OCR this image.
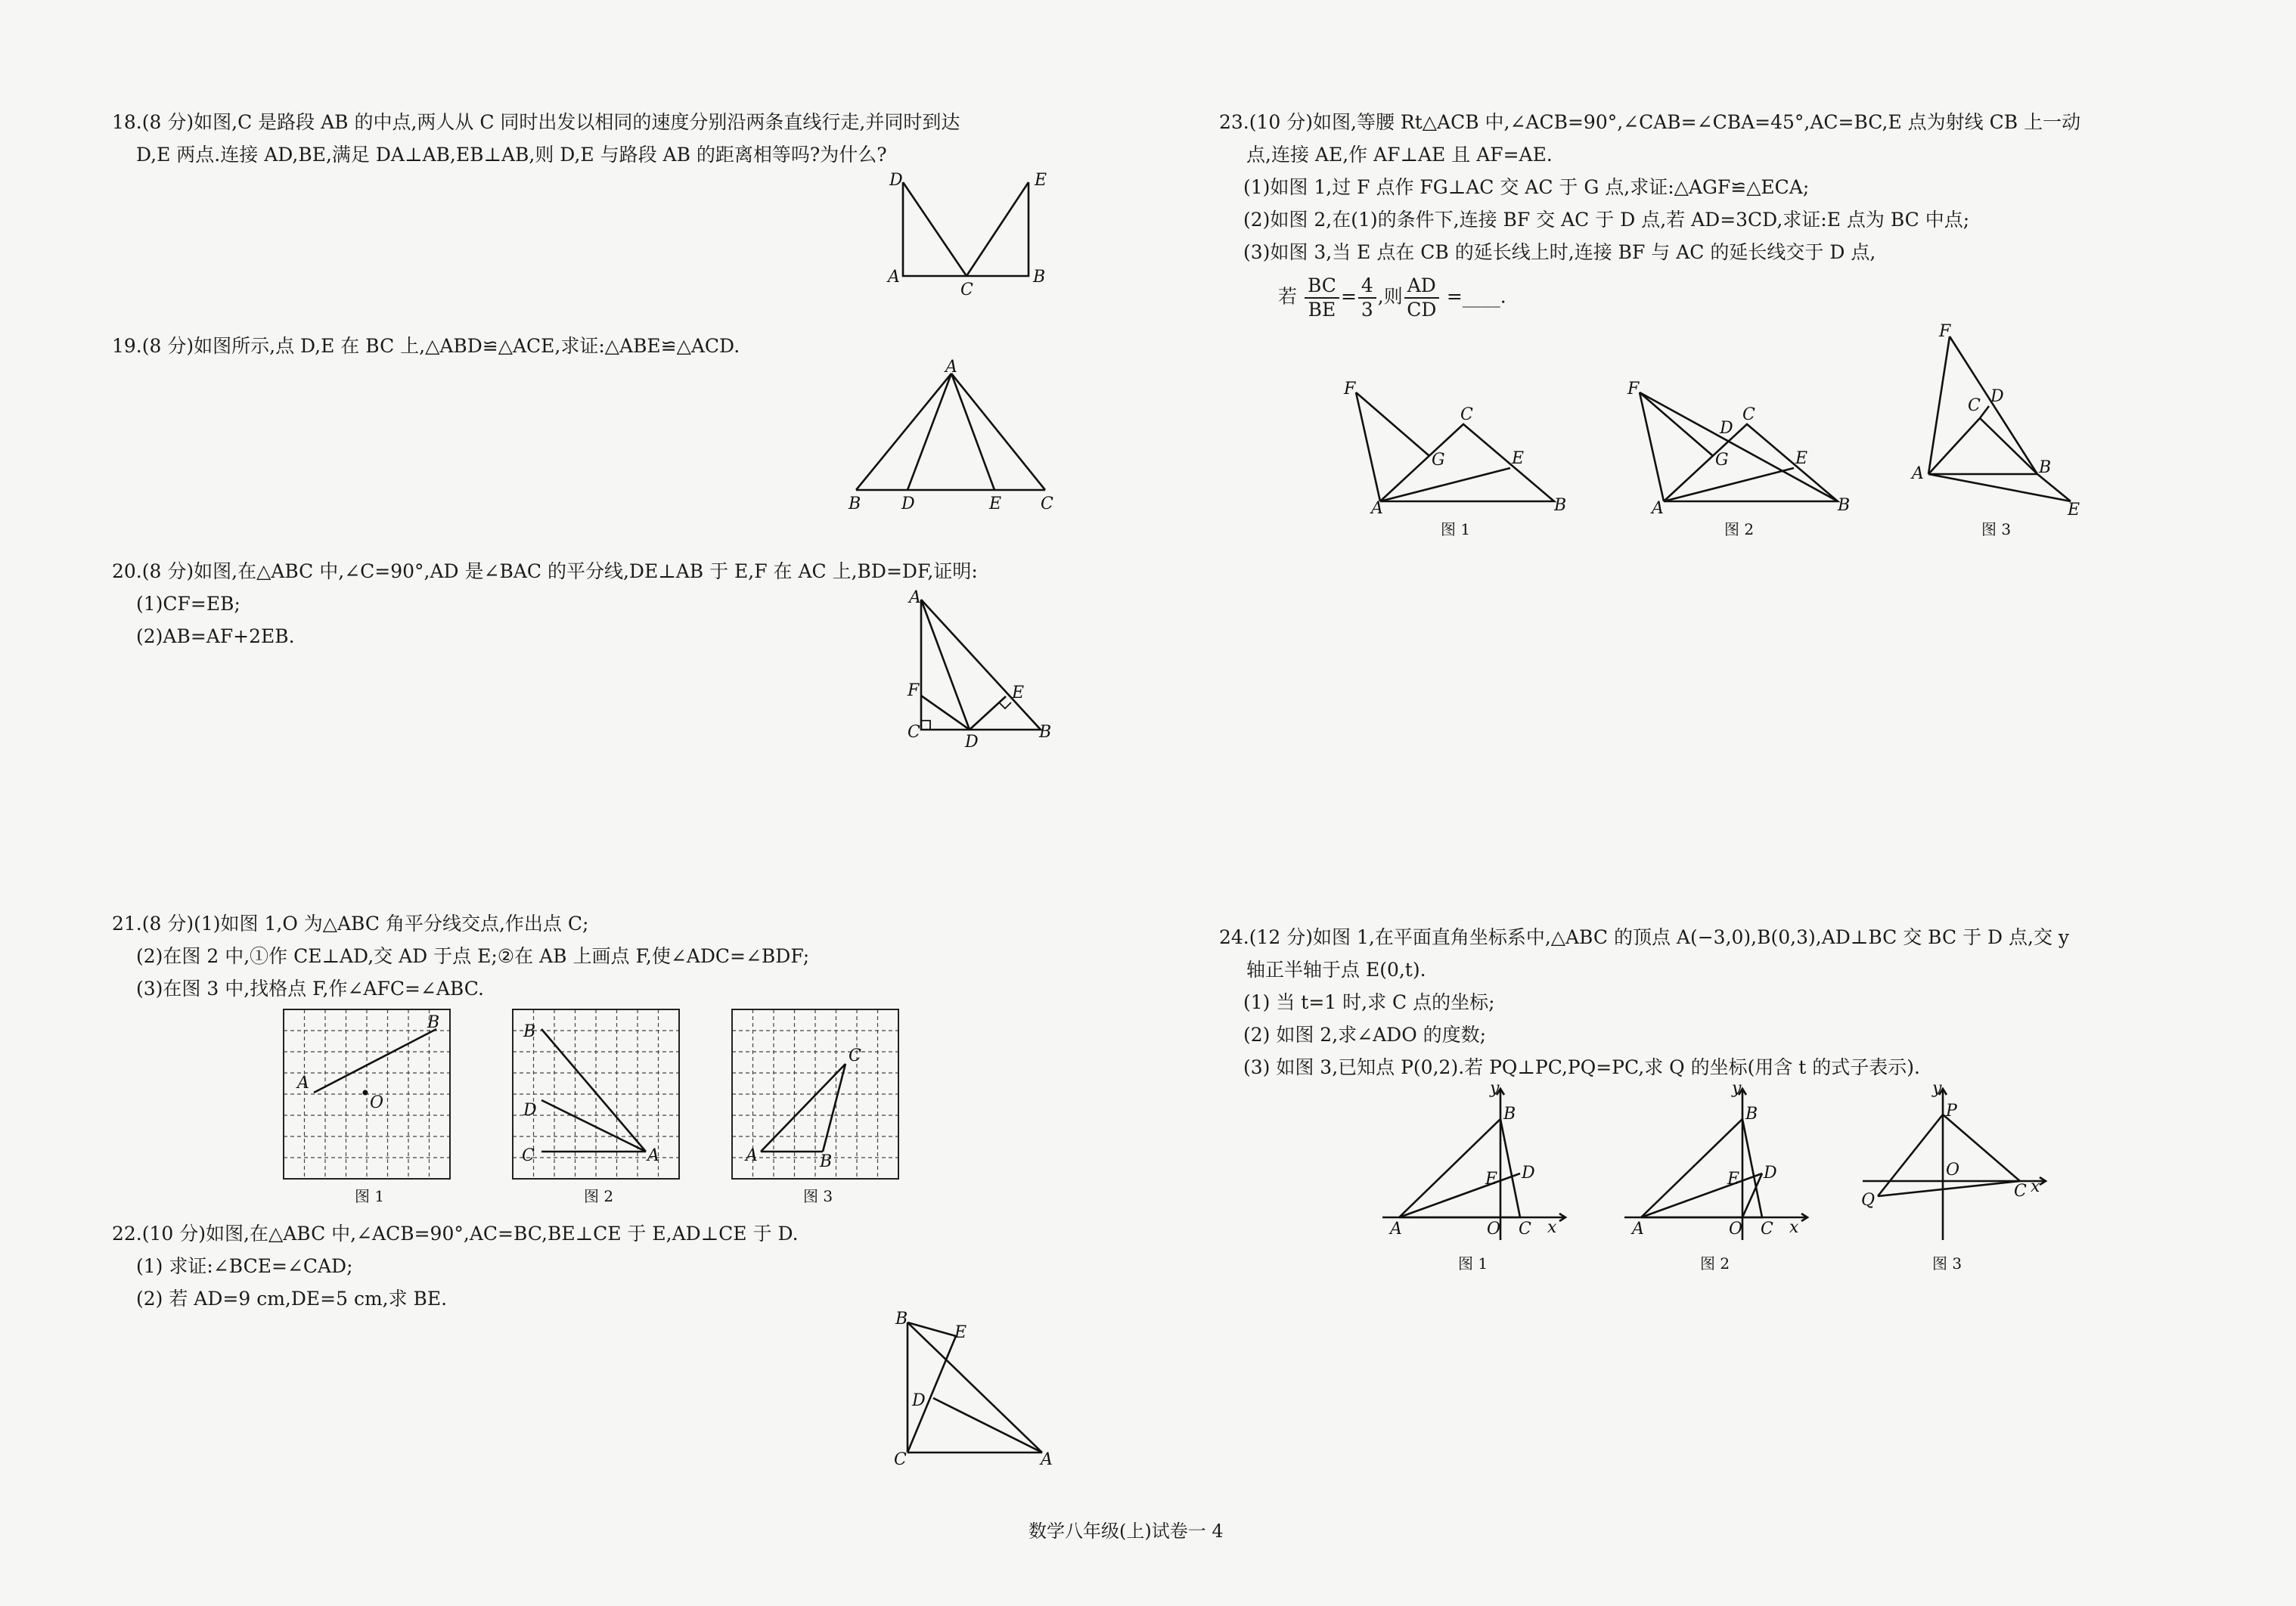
18.(8 分)如图,C 是路段 AB 的中点,两人从 C 同时出发以相同的速度分别沿两条直线行走,并同时到达
D,E 两点.连接 AD,BE,满足 DA⊥AB,EB⊥AB,则 D,E 与路段 AB 的距离相等吗?为什么?
D	E
A	B
C
19.(8 分)如图所示,点 D,E 在 BC 上,△ABD≌△ACE,求证:△ABE≌△ACD.
A
B D	E C
20.(8 分)如图,在△ABC 中,∠C=90°,AD 是∠BAC 的平分线,DE⊥AB 于 E,F 在 AC 上,BD=DF,证明:
(1)CF=EB;
(2)AB=AF+2EB.
A
F
C
D
E
B
21.(8 分)(1)如图 1,O 为△ABC 角平分线交点,作出点 C;
(2)在图 2 中,①作 CE⊥AD,交 AD 于点 E;②在 AB 上画点 F,使∠ADC=∠BDF;
(3)在图 3 中,找格点 F,作∠AFC=∠ABC.
A
B
O
图 1
B
D
C	A
图 2
A	B
C
图 3
22.(10 分)如图,在△ABC 中,∠ACB=90°,AC=BC,BE⊥CE 于 E,AD⊥CE 于 D.
(1) 求证:∠BCE=∠CAD;
(2) 若 AD=9 cm,DE=5 cm,求 BE.
B
E
D
C	A
23.(10 分)如图,等腰 Rt△ACB 中,∠ACB=90°,∠CAB=∠CBA=45°,AC=BC,E 点为射线 CB 上一动
点,连接 AE,作 AF⊥AE 且 AF=AE.
(1)如图 1,过 F 点作 FG⊥AC 交 AC 于 G 点,求证:△AGF≌△ECA;
(2)如图 2,在(1)的条件下,连接 BF 交 AC 于 D 点,若 AD=3CD,求证:E 点为 BC 中点;
(3)如图 3,当 E 点在 CB 的延长线上时,连接 BF 与 AC 的延长线交于 D 点,
若 $\frac{BC}{BE} = \frac{4}{3}$ ,则 $\frac{AD}{CD}$ =____.
F
C
G	E
A	B
图 1
F
C
D
G	E
A	B
图 2
F
C D
A	B
E
图 3
24.(12 分)如图 1,在平面直角坐标系中,△ABC 的顶点 A(−3,0),B(0,3),AD⊥BC 交 BC 于 D 点,交 y
轴正半轴于点 E(0,t).
(1) 当 t=1 时,求 C 点的坐标;
(2) 如图 2,求∠ADO 的度数;
(3) 如图 3,已知点 P(0,2).若 PQ⊥PC,PQ=PC,求 Q 的坐标(用含 t 的式子表示).
y
B
E D
A	O C x
图 1
y
B
E D
A	O C x
图 2
y
P
O
Q	C x
图 3
数学八年级(上)试卷一 4
